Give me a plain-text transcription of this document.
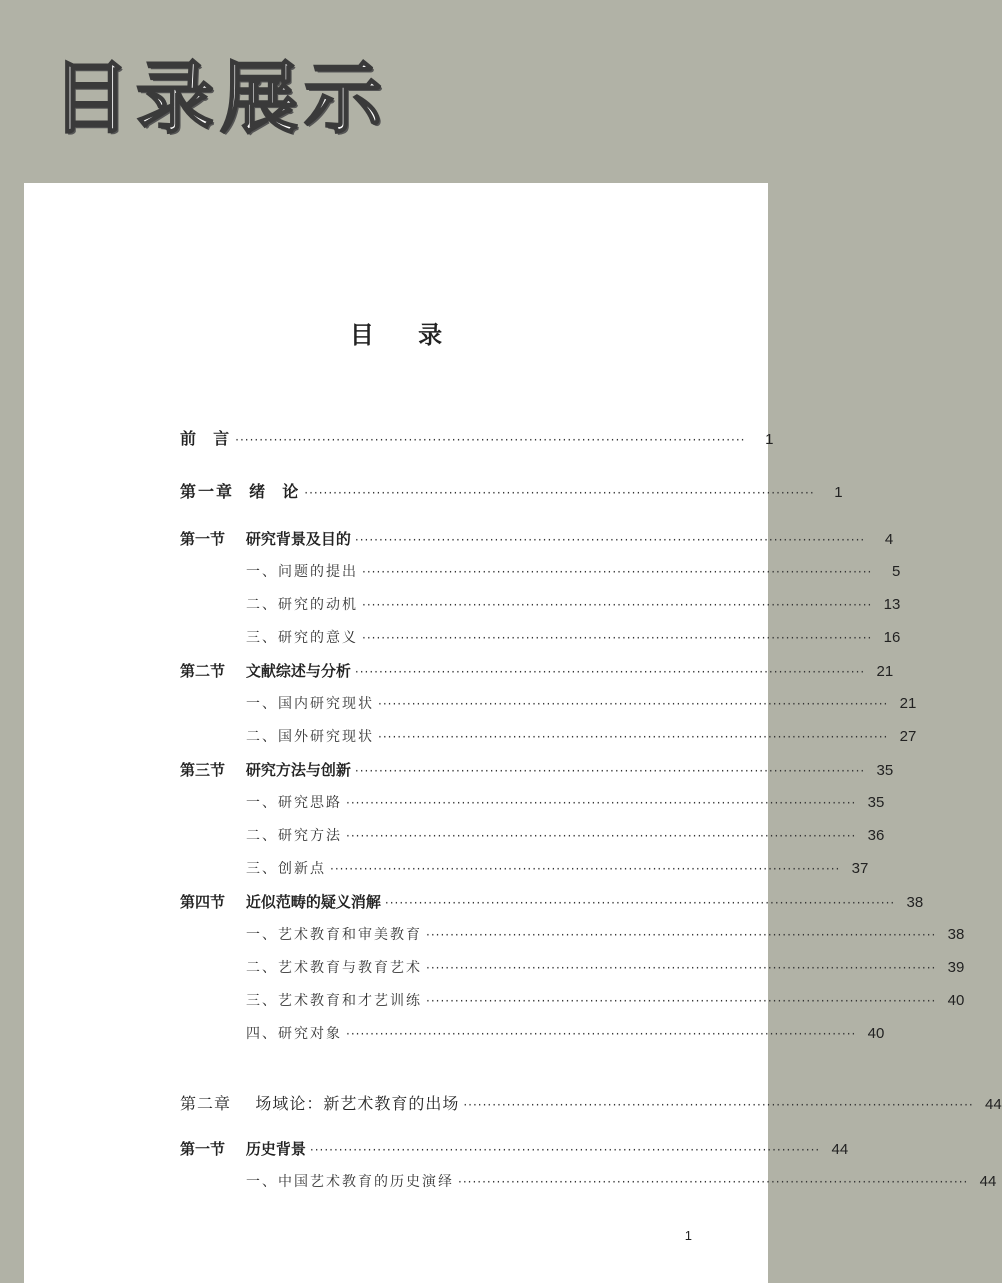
目录展示
目 录
前  言 ··········································································································	1
第一章  绪  论 ··········································································································	1
第一节    研究背景及目的 ··········································································································	4
一、问题的提出 ··········································································································	5
二、研究的动机 ·········································································································· 13
三、研究的意义 ·········································································································· 16
第二节    文献综述与分析 ·········································································································· 21
一、国内研究现状 ·········································································································· 21
二、国外研究现状 ·········································································································· 27
第三节    研究方法与创新 ·········································································································· 35
一、研究思路 ·········································································································· 35
二、研究方法 ·········································································································· 36
三、创新点 ·········································································································· 37
第四节    近似范畴的疑义消解 ·········································································································· 38
一、艺术教育和审美教育 ·········································································································· 38
二、艺术教育与教育艺术 ·········································································································· 39
三、艺术教育和才艺训练 ·········································································································· 40
四、研究对象 ·········································································································· 40
第二章    场域论：新艺术教育的出场 ·········································································································· 44
第一节    历史背景 ·········································································································· 44
一、中国艺术教育的历史演绎 ·········································································································· 44
1
